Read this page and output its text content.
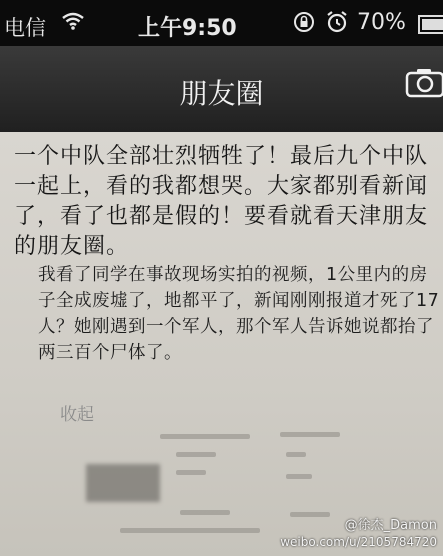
电信	上午9:50	70%
朋友圈

一个中队全部壮烈牺牲了！最后九个中队一起上，看的我都想哭。大家都别看新闻了，看了也都是假的！要看就看天津朋友的朋友圈。

我看了同学在事故现场实拍的视频，1公里内的房子全成废墟了，地都平了，新闻刚刚报道才死了17人？她刚遇到一个军人，那个军人告诉她说都抬了两三百个尸体了。

收起
@徐杰_Damon
weibo.com/u/2105784720
